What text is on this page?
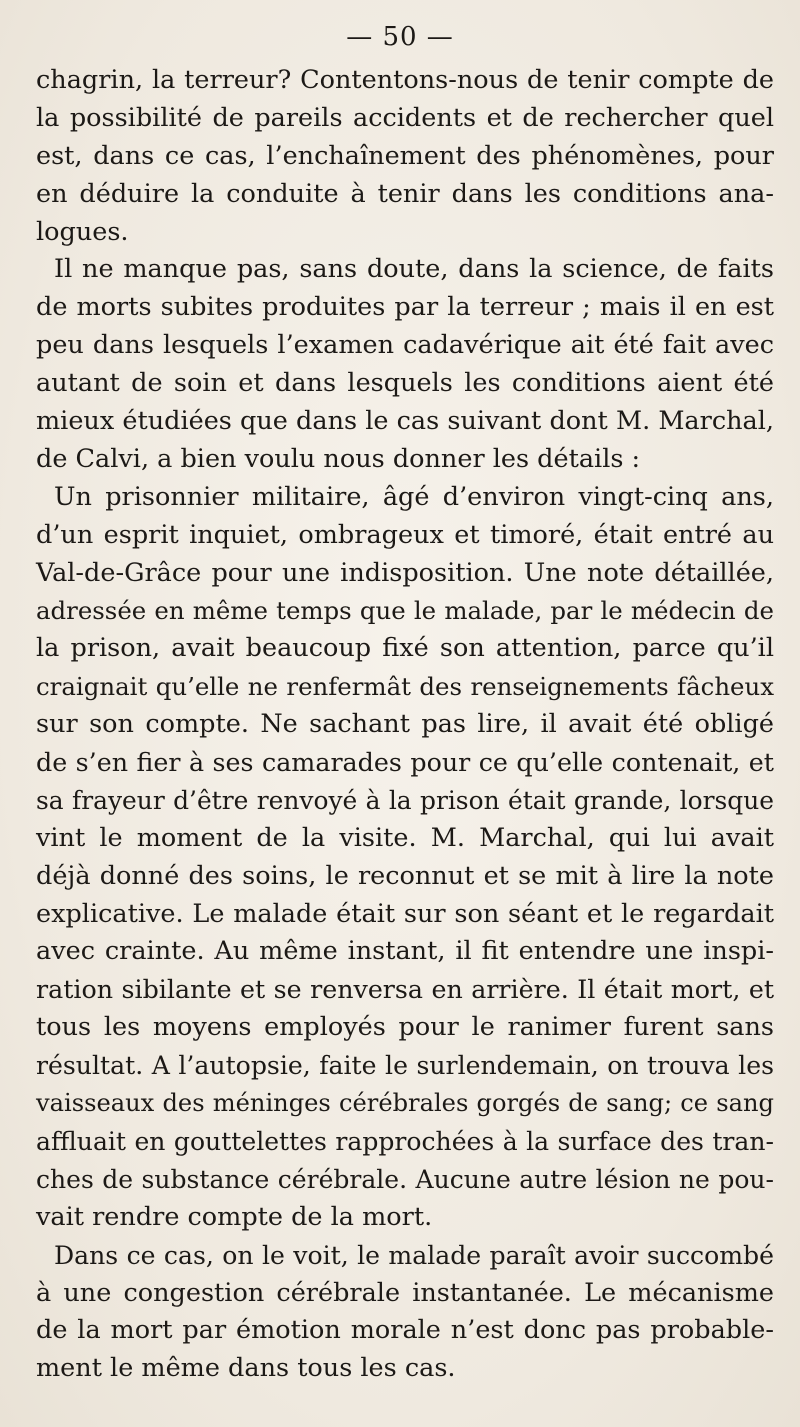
— 50 —
chagrin, la terreur? Contentons-nous de tenir compte de
la possibilité de pareils accidents et de rechercher quel
est, dans ce cas, l’enchaînement des phénomènes, pour
en déduire la conduite à tenir dans les conditions ana-
logues.
Il ne manque pas, sans doute, dans la science, de faits
de morts subites produites par la terreur ; mais il en est
peu dans lesquels l’examen cadavérique ait été fait avec
autant de soin et dans lesquels les conditions aient été
mieux étudiées que dans le cas suivant dont M. Marchal,
de Calvi, a bien voulu nous donner les détails :
Un prisonnier militaire, âgé d’environ vingt-cinq ans,
d’un esprit inquiet, ombrageux et timoré, était entré au
Val-de-Grâce pour une indisposition. Une note détaillée,
adressée en même temps que le malade, par le médecin de
la prison, avait beaucoup fixé son attention, parce qu’il
craignait qu’elle ne renfermât des renseignements fâcheux
sur son compte. Ne sachant pas lire, il avait été obligé
de s’en fier à ses camarades pour ce qu’elle contenait, et
sa frayeur d’être renvoyé à la prison était grande, lorsque
vint le moment de la visite. M. Marchal, qui lui avait
déjà donné des soins, le reconnut et se mit à lire la note
explicative. Le malade était sur son séant et le regardait
avec crainte. Au même instant, il fit entendre une inspi-
ration sibilante et se renversa en arrière. Il était mort, et
tous les moyens employés pour le ranimer furent sans
résultat. A l’autopsie, faite le surlendemain, on trouva les
vaisseaux des méninges cérébrales gorgés de sang; ce sang
affluait en gouttelettes rapprochées à la surface des tran-
ches de substance cérébrale. Aucune autre lésion ne pou-
vait rendre compte de la mort.
Dans ce cas, on le voit, le malade paraît avoir succombé
à une congestion cérébrale instantanée. Le mécanisme
de la mort par émotion morale n’est donc pas probable-
ment le même dans tous les cas.
